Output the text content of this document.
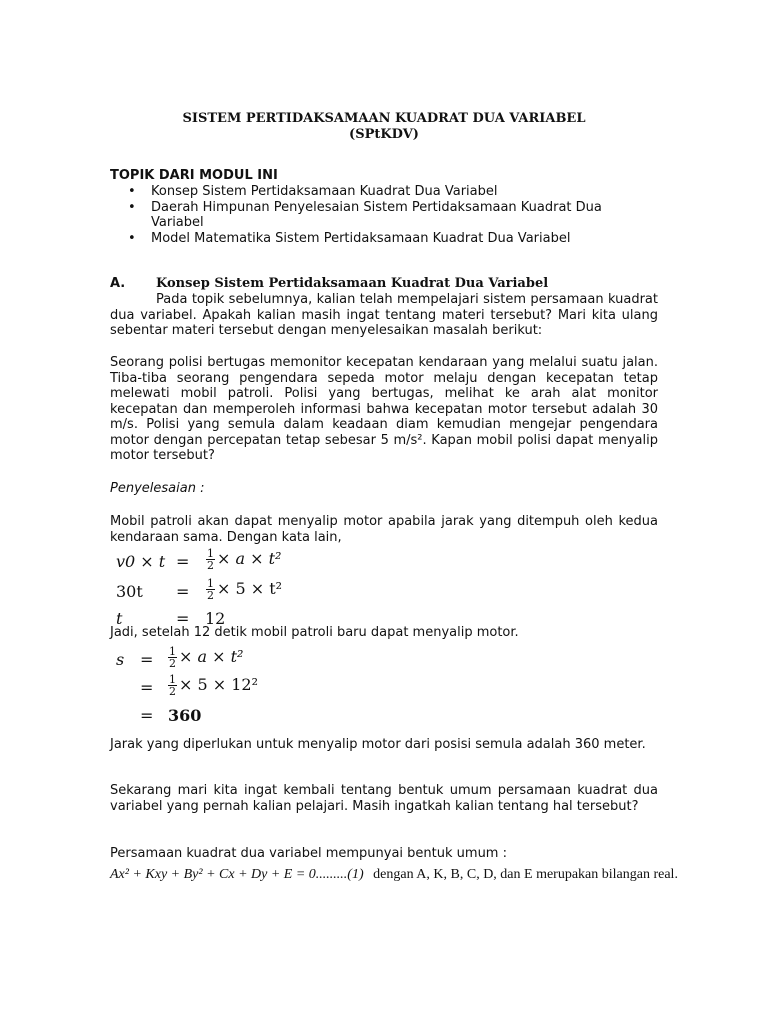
SISTEM PERTIDAKSAMAAN KUADRAT DUA VARIABEL
(SPtKDV)
TOPIK DARI MODUL INI
• Konsep Sistem Pertidaksamaan Kuadrat Dua Variabel
• Daerah Himpunan Penyelesaian Sistem Pertidaksamaan Kuadrat Dua Variabel
• Model Matematika Sistem Pertidaksamaan Kuadrat Dua Variabel
A. Konsep Sistem Pertidaksamaan Kuadrat Dua Variabel
Pada topik sebelumnya, kalian telah mempelajari sistem persamaan kuadrat dua variabel. Apakah kalian masih ingat tentang materi tersebut? Mari kita ulang sebentar materi tersebut dengan menyelesaikan masalah berikut:
Seorang polisi bertugas memonitor kecepatan kendaraan yang melalui suatu jalan. Tiba-tiba seorang pengendara sepeda motor melaju dengan kecepatan tetap melewati mobil patroli. Polisi yang bertugas, melihat ke arah alat monitor kecepatan dan memperoleh informasi bahwa kecepatan motor tersebut adalah 30 m/s. Polisi yang semula dalam keadaan diam kemudian mengejar pengendara motor dengan percepatan tetap sebesar 5 m/s². Kapan mobil polisi dapat menyalip motor tersebut?
Penyelesaian :
Mobil patroli akan dapat menyalip motor apabila jarak yang ditempuh oleh kedua kendaraan sama. Dengan kata lain,
$v0 \times t = \frac{1}{2} \times a \times t^2$
$30t = \frac{1}{2} \times 5 \times t^2$
t	= 12
Jadi, setelah 12 detik mobil patroli baru dapat menyalip motor.
$s = \frac{1}{2} \times a \times t^2$
= $\frac{1}{2} \times 5 \times 12^2$
= 360
Jarak yang diperlukan untuk menyalip motor dari posisi semula adalah 360 meter.
Sekarang mari kita ingat kembali tentang bentuk umum persamaan kuadrat dua variabel yang pernah kalian pelajari. Masih ingatkah kalian tentang hal tersebut?
Persamaan kuadrat dua variabel mempunyai bentuk umum :
Ax² + Kxy + By² + Cx + Dy + E = 0.........(1) dengan A, K, B, C, D, dan E merupakan bilangan real.
